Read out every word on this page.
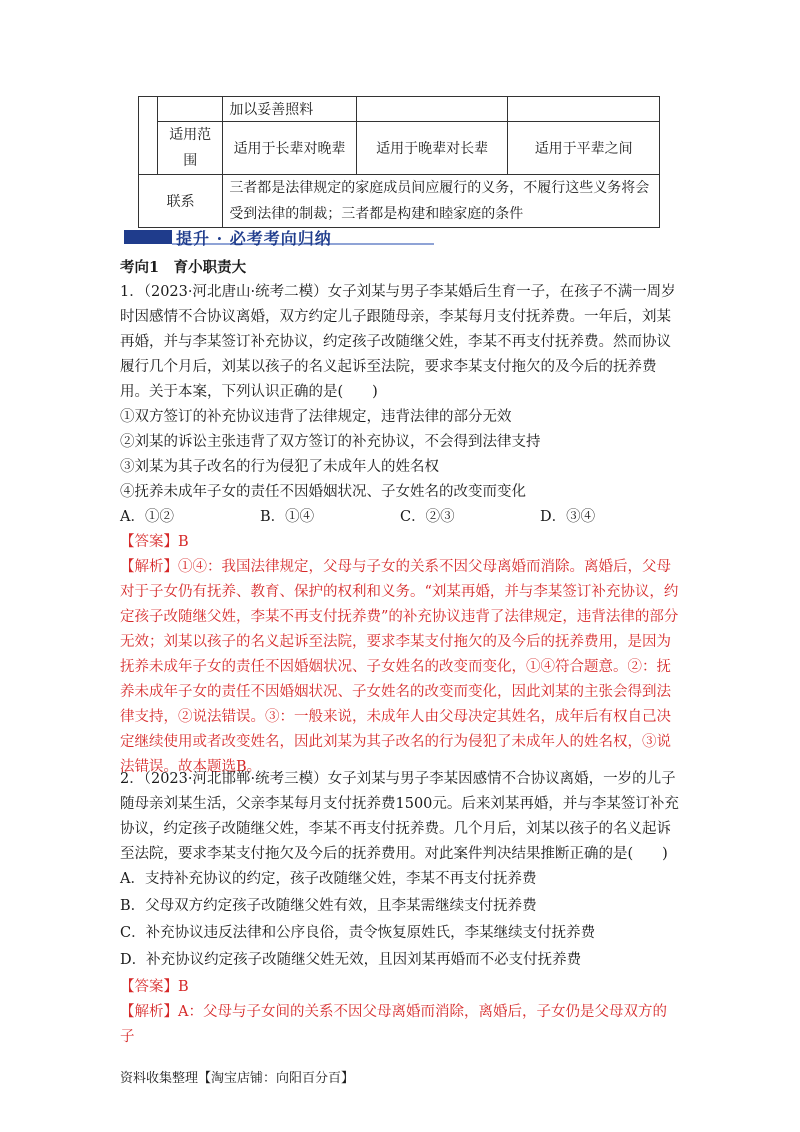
		加以妥善照料		
	适用范围	适用于长辈对晚辈	适用于晚辈对长辈	适用于平辈之间
联系		三者都是法律规定的家庭成员间应履行的义务，不履行这些义务将会受到法律的制裁；三者都是构建和睦家庭的条件		
提升 · 必考考向归纳
考向1　育小职责大
1．（2023·河北唐山·统考二模）女子刘某与男子李某婚后生育一子，在孩子不满一周岁时因感情不合协议离婚，双方约定儿子跟随母亲，李某每月支付抚养费。一年后，刘某再婚，并与李某签订补充协议，约定孩子改随继父姓，李某不再支付抚养费。然而协议履行几个月后，刘某以孩子的名义起诉至法院，要求李某支付拖欠的及今后的抚养费用。关于本案，下列认识正确的是(　　)
①双方签订的补充协议违背了法律规定，违背法律的部分无效
②刘某的诉讼主张违背了双方签订的补充协议，不会得到法律支持
③刘某为其子改名的行为侵犯了未成年人的姓名权
④抚养未成年子女的责任不因婚姻状况、子女姓名的改变而变化
A．①②	B．①④	C．②③	D．③④
【答案】B
【解析】①④：我国法律规定，父母与子女的关系不因父母离婚而消除。离婚后，父母对于子女仍有抚养、教育、保护的权利和义务。“刘某再婚，并与李某签订补充协议，约定孩子改随继父姓，李某不再支付抚养费”的补充协议违背了法律规定，违背法律的部分无效；刘某以孩子的名义起诉至法院，要求李某支付拖欠的及今后的抚养费用，是因为抚养未成年子女的责任不因婚姻状况、子女姓名的改变而变化，①④符合题意。②：抚养未成年子女的责任不因婚姻状况、子女姓名的改变而变化，因此刘某的主张会得到法律支持，②说法错误。③：一般来说，未成年人由父母决定其姓名，成年后有权自己决定继续使用或者改变姓名，因此刘某为其子改名的行为侵犯了未成年人的姓名权，③说法错误。故本题选B。
2．（2023·河北邯郸·统考三模）女子刘某与男子李某因感情不合协议离婚，一岁的儿子随母亲刘某生活，父亲李某每月支付抚养费1500元。后来刘某再婚，并与李某签订补充协议，约定孩子改随继父姓，李某不再支付抚养费。几个月后，刘某以孩子的名义起诉至法院，要求李某支付拖欠及今后的抚养费用。对此案件判决结果推断正确的是(　　)
A．支持补充协议的约定，孩子改随继父姓，李某不再支付抚养费
B．父母双方约定孩子改随继父姓有效，且李某需继续支付抚养费
C．补充协议违反法律和公序良俗，责令恢复原姓氏，李某继续支付抚养费
D．补充协议约定孩子改随继父姓无效，且因刘某再婚而不必支付抚养费
【答案】B
【解析】A：父母与子女间的关系不因父母离婚而消除，离婚后，子女仍是父母双方的子
资料收集整理【淘宝店铺：向阳百分百】
